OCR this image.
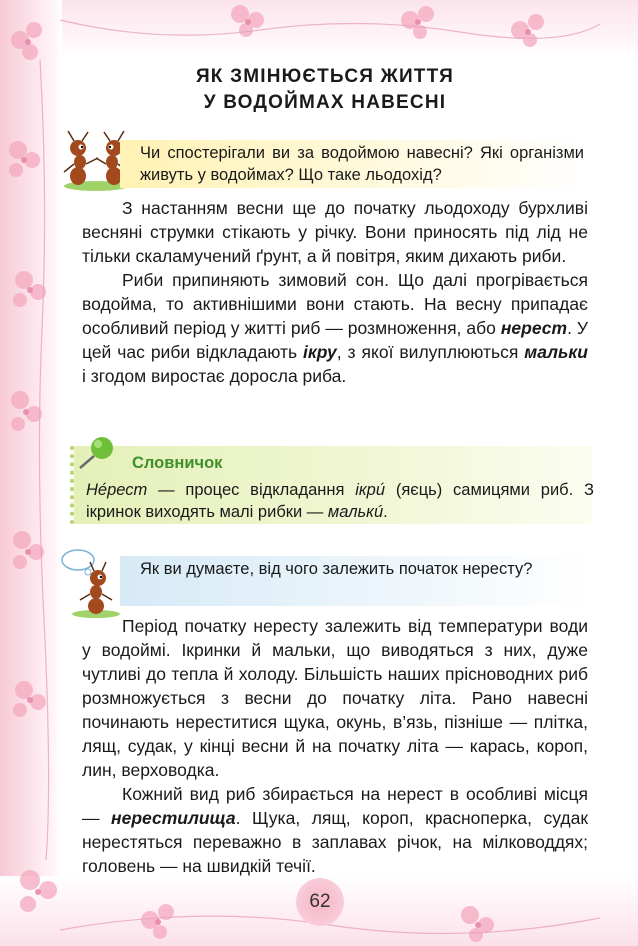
ЯК ЗМІНЮЄТЬСЯ ЖИТТЯ
У ВОДОЙМАХ НАВЕСНІ
Чи спостерігали ви за водоймою навесні? Які організми живуть у водоймах? Що таке льодохід?

З настанням весни ще до початку льодоходу бурхливі весняні струмки стікають у річку. Вони приносять під лід не тільки скаламучений ґрунт, а й повітря, яким дихають риби.

Риби припиняють зимовий сон. Що далі прогрівається водойма, то активнішими вони стають. На весну припадає особливий період у житті риб — розмноження, або нерест. У цей час риби відкладають ікру, з якої вилуплюються мальки і згодом виростає доросла риба.

Словничок
Не́рест — процес відкладання ікри́ (яєць) самицями риб. З ікринок виходять малі рибки — малькú.
Як ви думаєте, від чого залежить початок нересту?

Період початку нересту залежить від температури води у водоймі. Ікринки й мальки, що виводяться з них, дуже чутливі до тепла й холоду. Більшість наших прісноводних риб розмножується з весни до початку літа. Рано навесні починають нереститися щука, окунь, в’язь, пізніше — плітка, лящ, судак, у кінці весни й на початку літа — карась, короп, лин, верховодка.

Кожний вид риб збирається на нерест в особливі місця — нерестилища. Щука, лящ, короп, красноперка, судак нерестяться переважно в заплавах річок, на мілководдях; головень — на швидкій течії.

62
